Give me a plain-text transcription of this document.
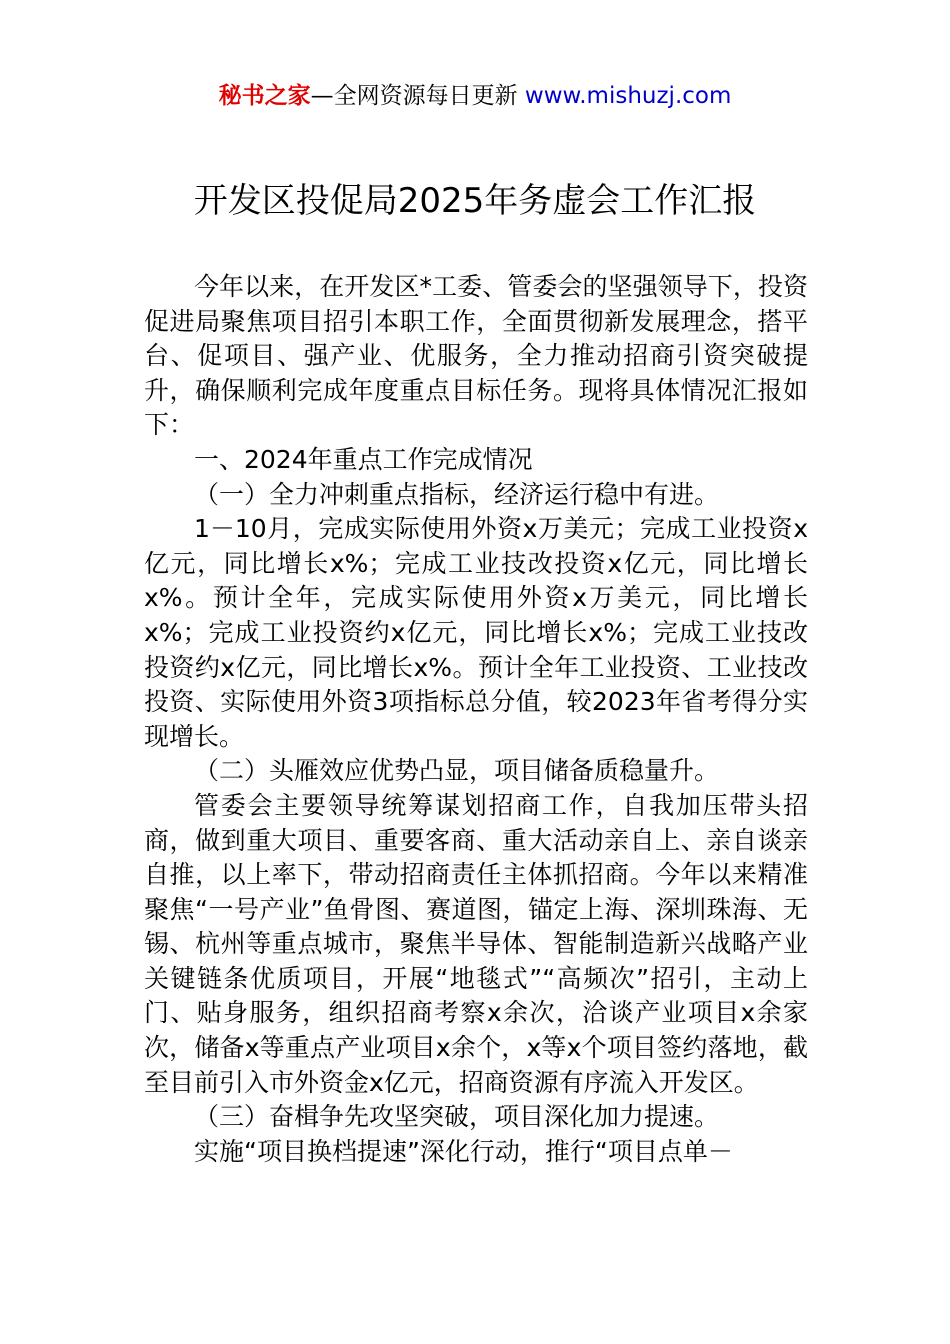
秘书之家—全网资源每日更新 www.mishuzj.com
开发区投促局2025年务虚会工作汇报

今年以来，在开发区*工委、管委会的坚强领导下，投资促进局聚焦项目招引本职工作，全面贯彻新发展理念，搭平台、促项目、强产业、优服务，全力推动招商引资突破提升，确保顺利完成年度重点目标任务。现将具体情况汇报如下：

一、2024年重点工作完成情况

（一）全力冲刺重点指标，经济运行稳中有进。

1－10月，完成实际使用外资x万美元；完成工业投资x亿元，同比增长x%；完成工业技改投资x亿元，同比增长x%。预计全年，完成实际使用外资x万美元，同比增长x%；完成工业投资约x亿元，同比增长x%；完成工业技改投资约x亿元，同比增长x%。预计全年工业投资、工业技改投资、实际使用外资3项指标总分值，较2023年省考得分实现增长。

（二）头雁效应优势凸显，项目储备质稳量升。

管委会主要领导统筹谋划招商工作，自我加压带头招商，做到重大项目、重要客商、重大活动亲自上、亲自谈亲自推，以上率下，带动招商责任主体抓招商。今年以来精准聚焦“一号产业”鱼骨图、赛道图，锚定上海、深圳珠海、无锡、杭州等重点城市，聚焦半导体、智能制造新兴战略产业关键链条优质项目，开展“地毯式”“高频次”招引，主动上门、贴身服务，组织招商考察x余次，洽谈产业项目x余家次，储备x等重点产业项目x余个，x等x个项目签约落地，截至目前引入市外资金x亿元，招商资源有序流入开发区。

（三）奋楫争先攻坚突破，项目深化加力提速。

实施“项目换档提速”深化行动，推行“项目点单－
